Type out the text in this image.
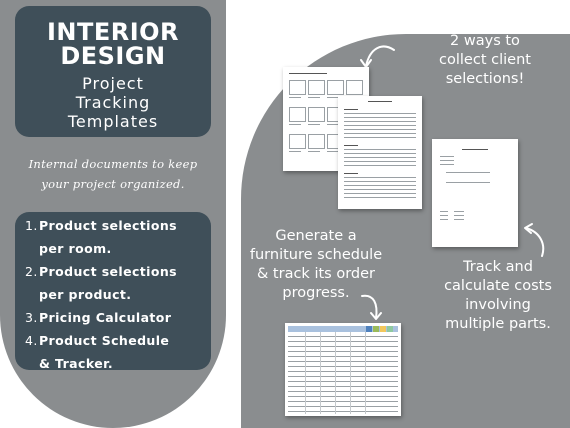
INTERIOR
DESIGN
Project
Tracking
Templates
Internal documents to keep
your project organized.
1.Product selections
per room.
2.Product selections
per product.
3.Pricing Calculator
4.Product Schedule
& Tracker.
2 ways to
collect client
selections!
Generate a
furniture schedule
& track its order
progress.
Track and
calculate costs
involving
multiple parts.
